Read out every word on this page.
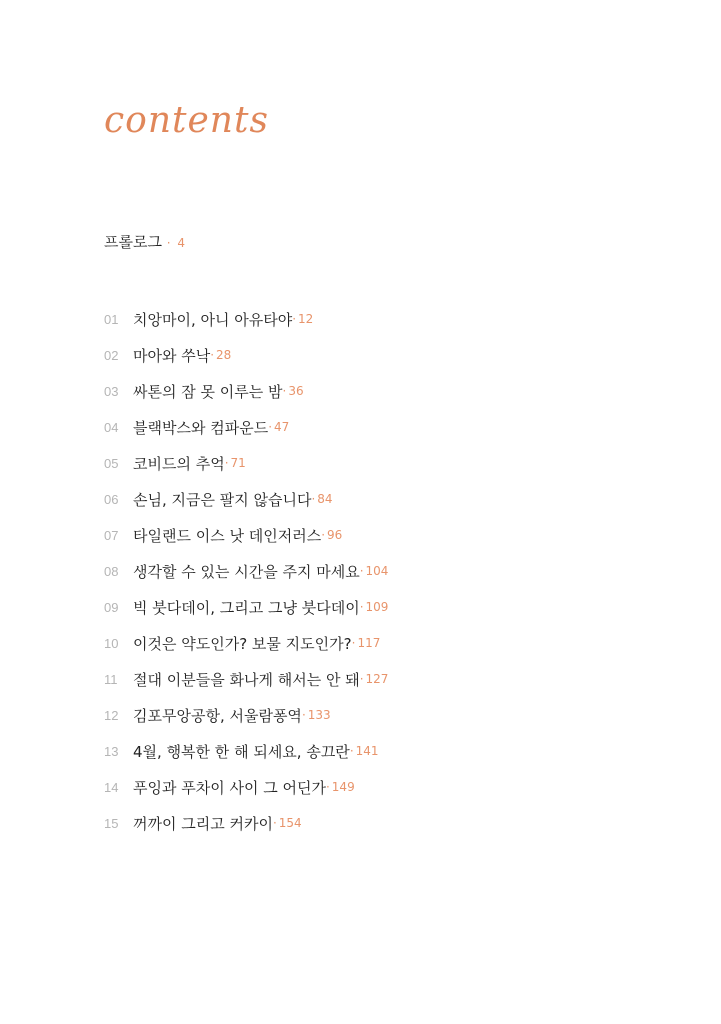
contents
프롤로그 · 4
01 치앙마이, 아니 아유타야 · 12
02 마아와 쑤낙 · 28
03 싸톤의 잠 못 이루는 밤 · 36
04 블랙박스와 컴파운드 · 47
05 코비드의 추억 · 71
06 손님, 지금은 팔지 않습니다 · 84
07 타일랜드 이스 낫 데인저러스 · 96
08 생각할 수 있는 시간을 주지 마세요 · 104
09 빅 붓다데이, 그리고 그냥 붓다데이 · 109
10 이것은 약도인가? 보물 지도인가? · 117
11	절대 이분들을 화나게 해서는 안 돼 · 127
12 김포무앙공항, 서울람퐁역 · 133
13 4월, 행복한 한 해 되세요, 송끄란 · 141
14 푸잉과 푸차이 사이 그 어딘가 · 149
15 꺼까이 그리고 커카이 · 154
